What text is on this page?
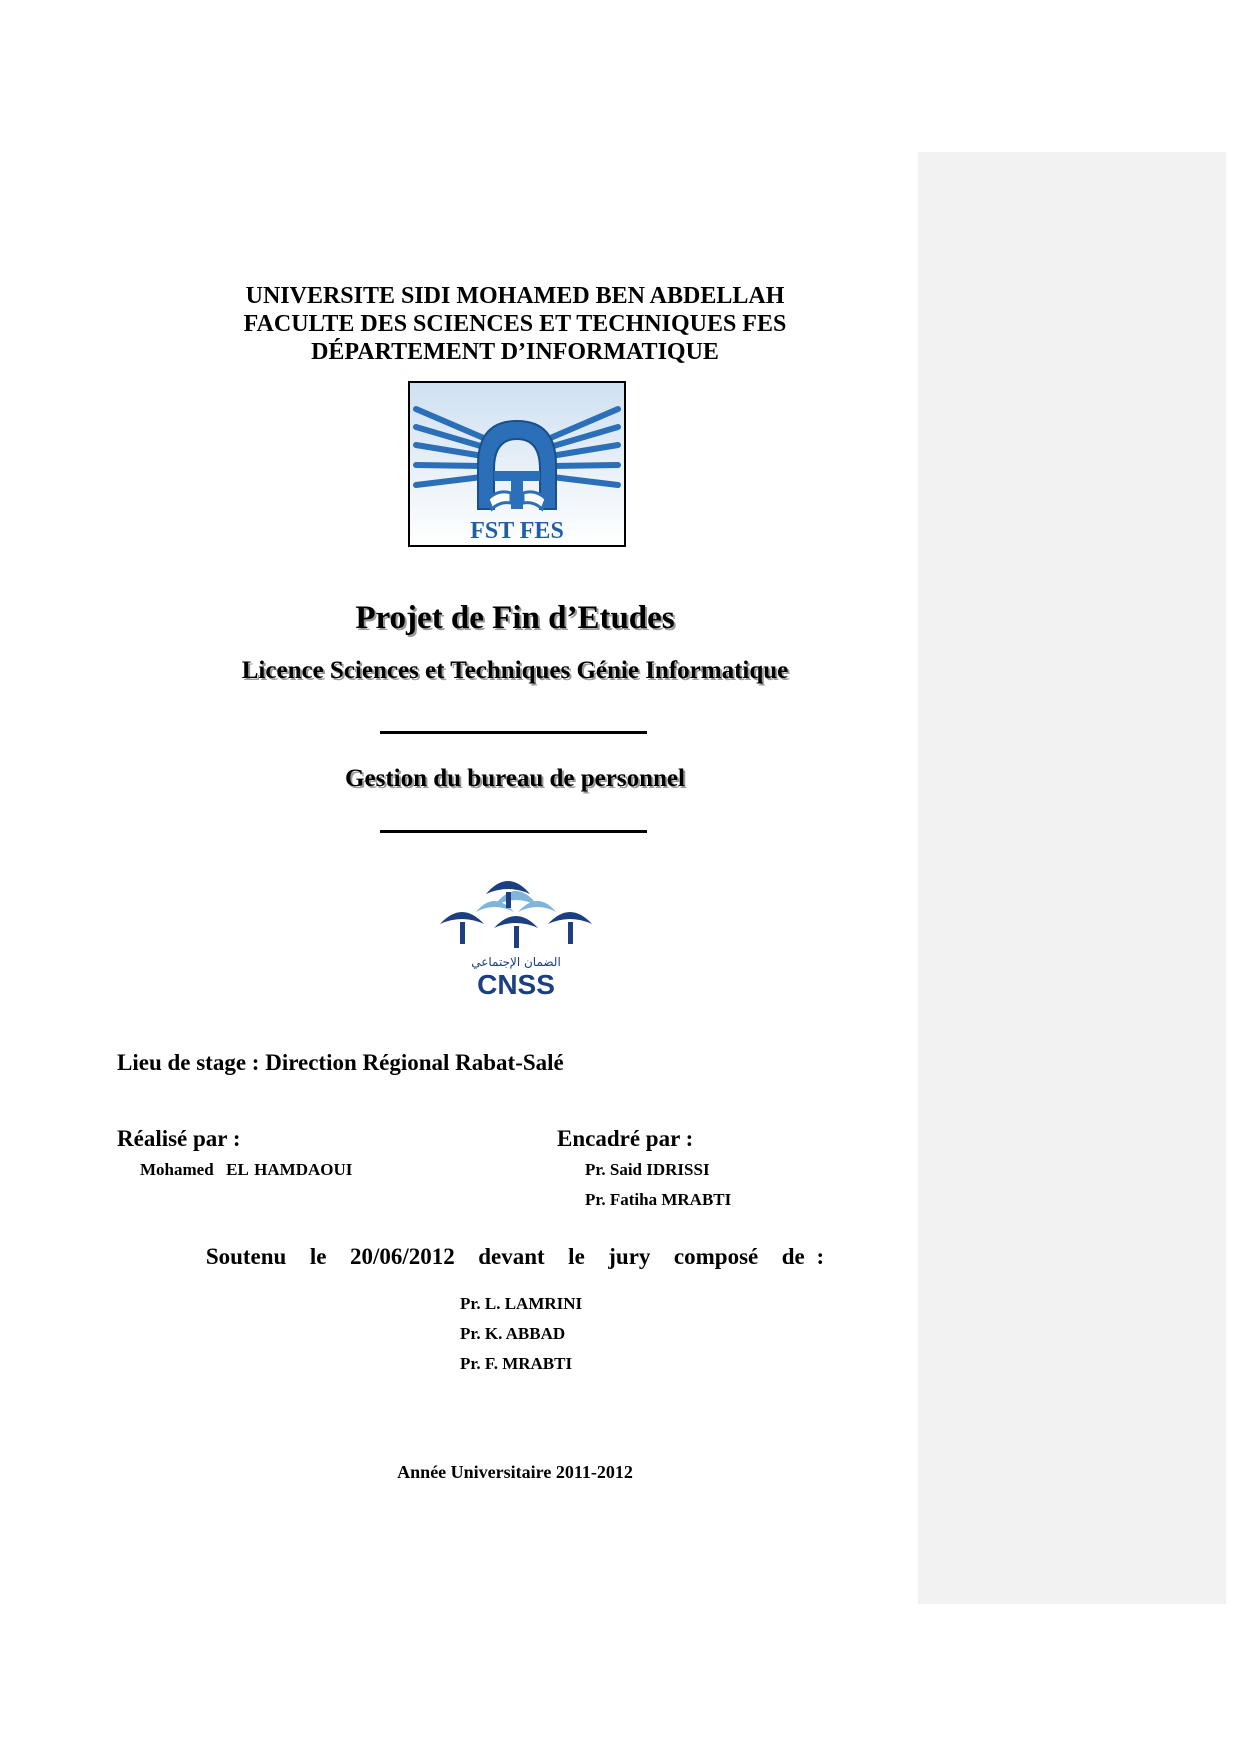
UNIVERSITE SIDI MOHAMED BEN ABDELLAH
FACULTE DES SCIENCES ET TECHNIQUES FES
DÉPARTEMENT D’INFORMATIQUE
FST FES
Projet de Fin d’Etudes
Licence Sciences et Techniques Génie Informatique
Gestion du bureau de personnel
الضمان الإجتماعي
CNSS
Lieu de stage : Direction Régional Rabat-Salé
Réalisé par :
Mohamed  EL HAMDAOUI
Encadré par :
Pr. Said IDRISSI
Pr. Fatiha MRABTI
Soutenu  le  20/06/2012  devant  le  jury  composé  de :
Pr. L. LAMRINI
Pr. K. ABBAD
Pr. F. MRABTI
Année Universitaire 2011-2012
